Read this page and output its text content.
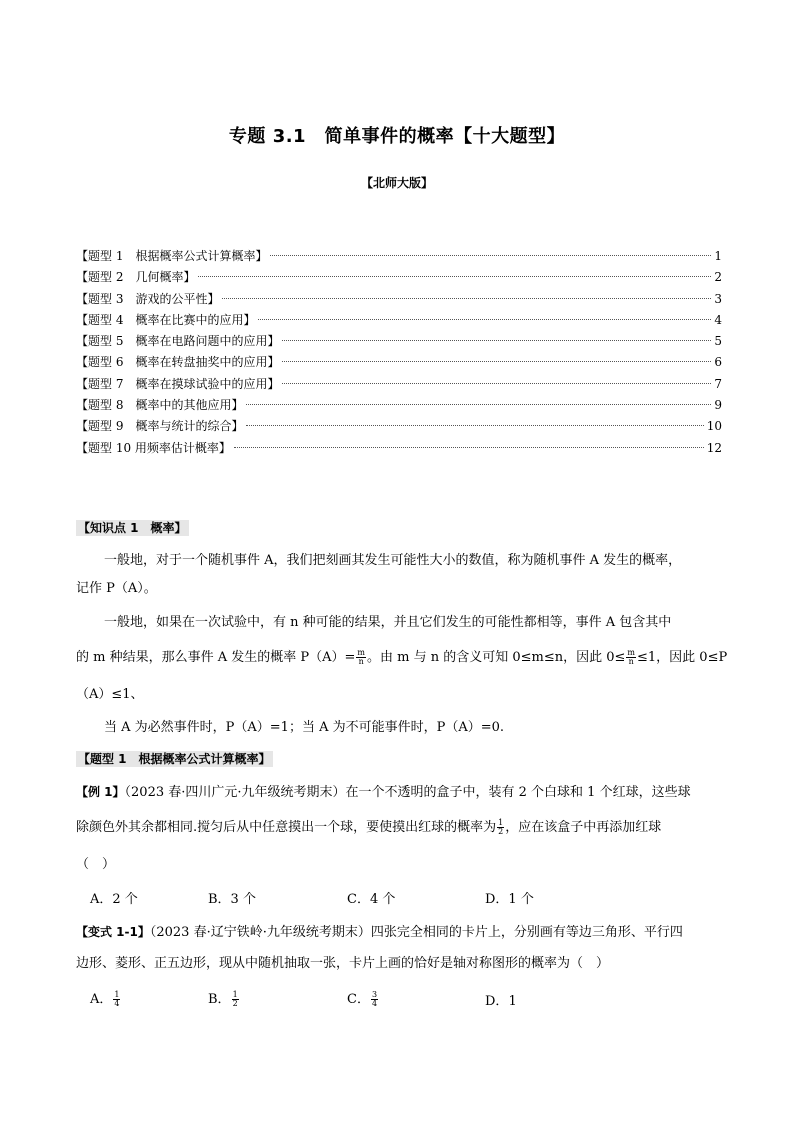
专题 3.1　简单事件的概率【十大题型】
【北师大版】
【题型 1　根据概率公式计算概率】	1
【题型 2　几何概率】	2
【题型 3　游戏的公平性】	3
【题型 4　概率在比赛中的应用】	4
【题型 5　概率在电路问题中的应用】	5
【题型 6　概率在转盘抽奖中的应用】	6
【题型 7　概率在摸球试验中的应用】	7
【题型 8　概率中的其他应用】	9
【题型 9　概率与统计的综合】	10
【题型 10 用频率估计概率】	12
【知识点 1　概率】
一般地，对于一个随机事件 A，我们把刻画其发生可能性大小的数值，称为随机事件 A 发生的概率，
记作 P（A）。
一般地，如果在一次试验中，有 n 种可能的结果，并且它们发生的可能性都相等，事件 A 包含其中
的 m 种结果，那么事件 A 发生的概率 $P(A)= \frac{m}{n}$ 。由 m 与 n 的含义可知 0≤m≤n，因此 $0\le \frac{m}{n} \le 1$，因此 0≤P
（A）≤1、
当 A 为必然事件时，P（A）=1；当 A 为不可能事件时，P（A）=0.
【题型 1　根据概率公式计算概率】
【例 1】（2023 春·四川广元·九年级统考期末）在一个不透明的盒子中，装有 2 个白球和 1 个红球，这些球
除颜色外其余都相同.搅匀后从中任意摸出一个球，要使摸出红球的概率为 $\frac{1}{2}$ ，应在该盒子中再添加红球
（　）
A．2 个	B．3 个	C．4 个	D．1 个
【变式 1-1】（2023 春·辽宁铁岭·九年级统考期末）四张完全相同的卡片上，分别画有等边三角形、平行四
边形、菱形、正五边形，现从中随机抽取一张，卡片上画的恰好是轴对称图形的概率为（　）
A． $\frac{1}{4}$	B． $\frac{1}{2}$	C． $\frac{3}{4}$	D．1
